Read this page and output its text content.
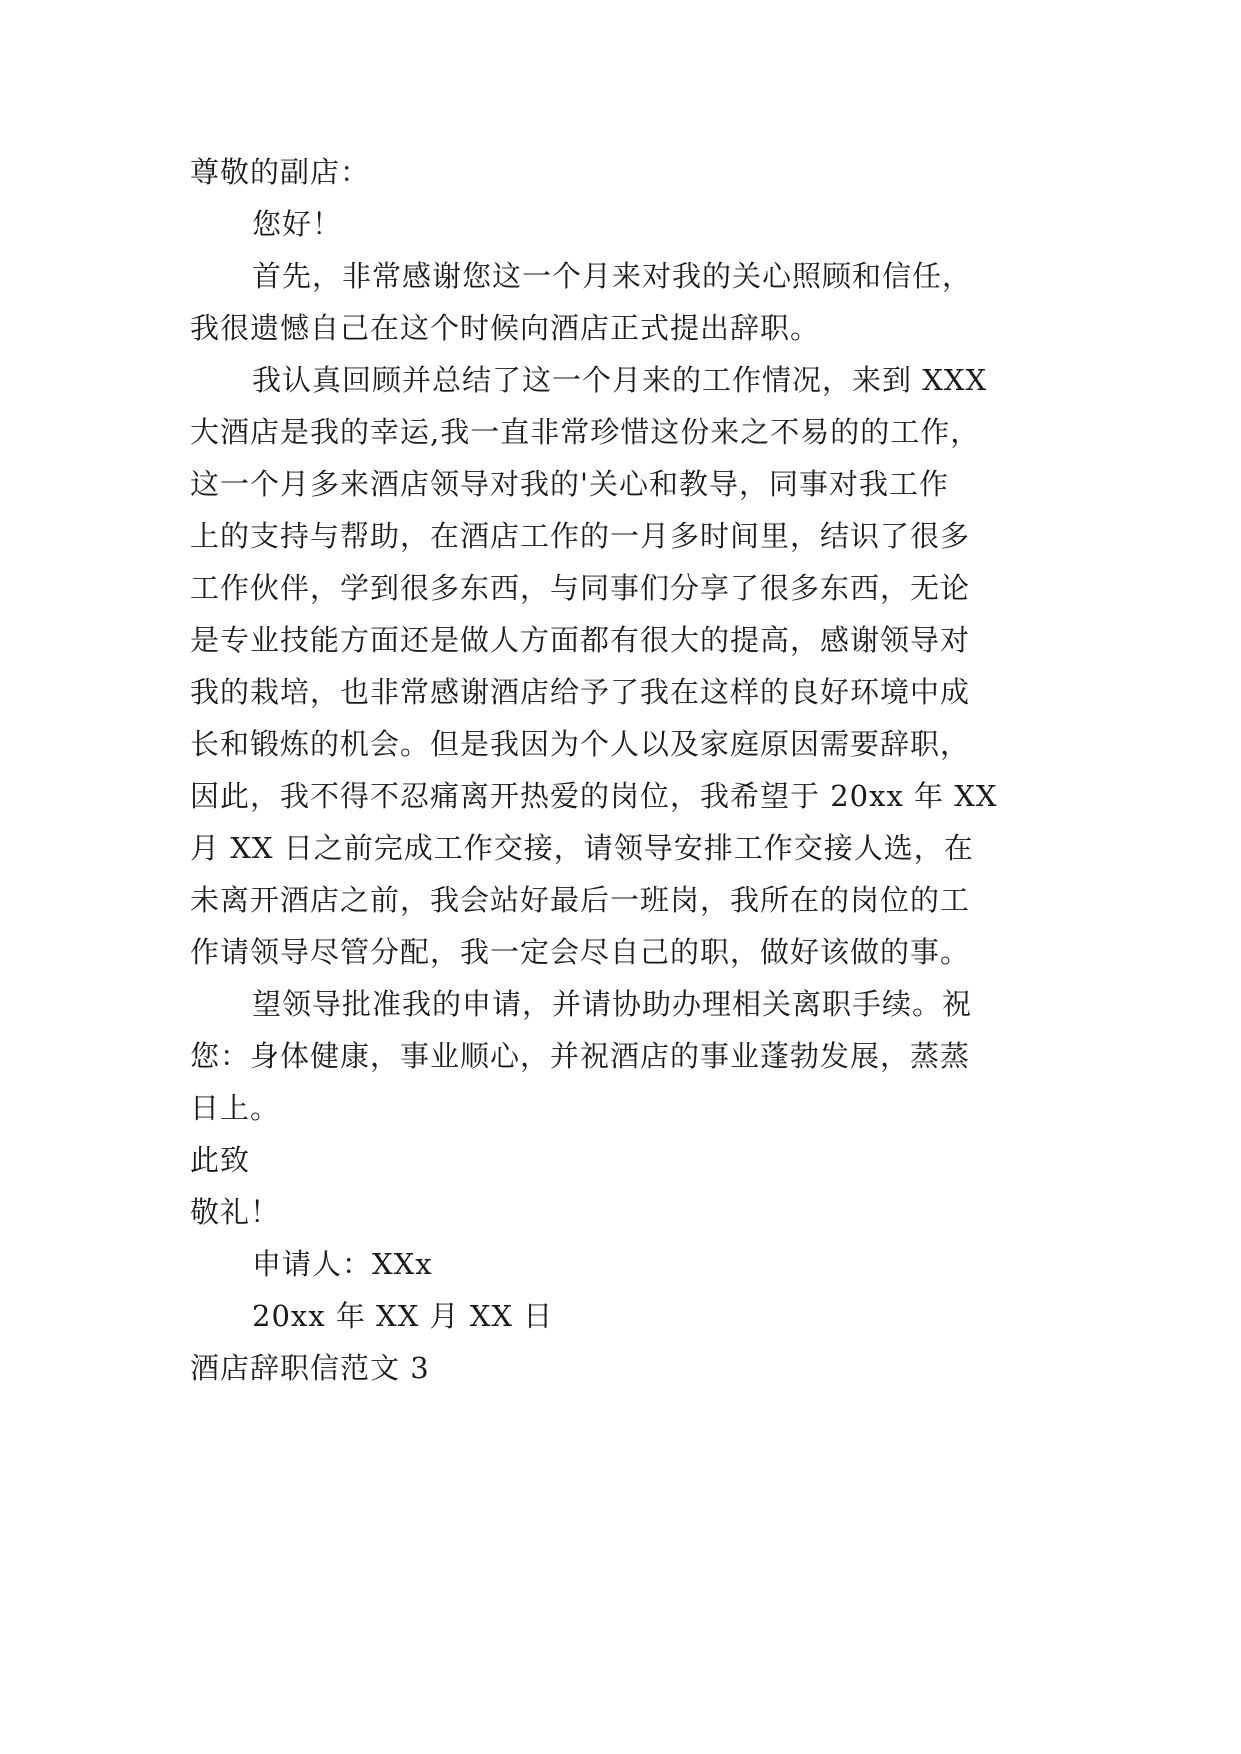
尊敬的副店：
您好！
首先，非常感谢您这一个月来对我的关心照顾和信任，
我很遗憾自己在这个时候向酒店正式提出辞职。
我认真回顾并总结了这一个月来的工作情况，来到 XXX
大酒店是我的幸运,我一直非常珍惜这份来之不易的的工作，
这一个月多来酒店领导对我的'关心和教导，同事对我工作
上的支持与帮助，在酒店工作的一月多时间里，结识了很多
工作伙伴，学到很多东西，与同事们分享了很多东西，无论
是专业技能方面还是做人方面都有很大的提高，感谢领导对
我的栽培，也非常感谢酒店给予了我在这样的良好环境中成
长和锻炼的机会。但是我因为个人以及家庭原因需要辞职，
因此，我不得不忍痛离开热爱的岗位，我希望于 20xx 年 XX
月 XX 日之前完成工作交接，请领导安排工作交接人选，在
未离开酒店之前，我会站好最后一班岗，我所在的岗位的工
作请领导尽管分配，我一定会尽自己的职，做好该做的事。
望领导批准我的申请，并请协助办理相关离职手续。祝
您：身体健康，事业顺心，并祝酒店的事业蓬勃发展，蒸蒸
日上。
此致
敬礼！
申请人：XXx
20xx 年 XX 月 XX 日
酒店辞职信范文 3
